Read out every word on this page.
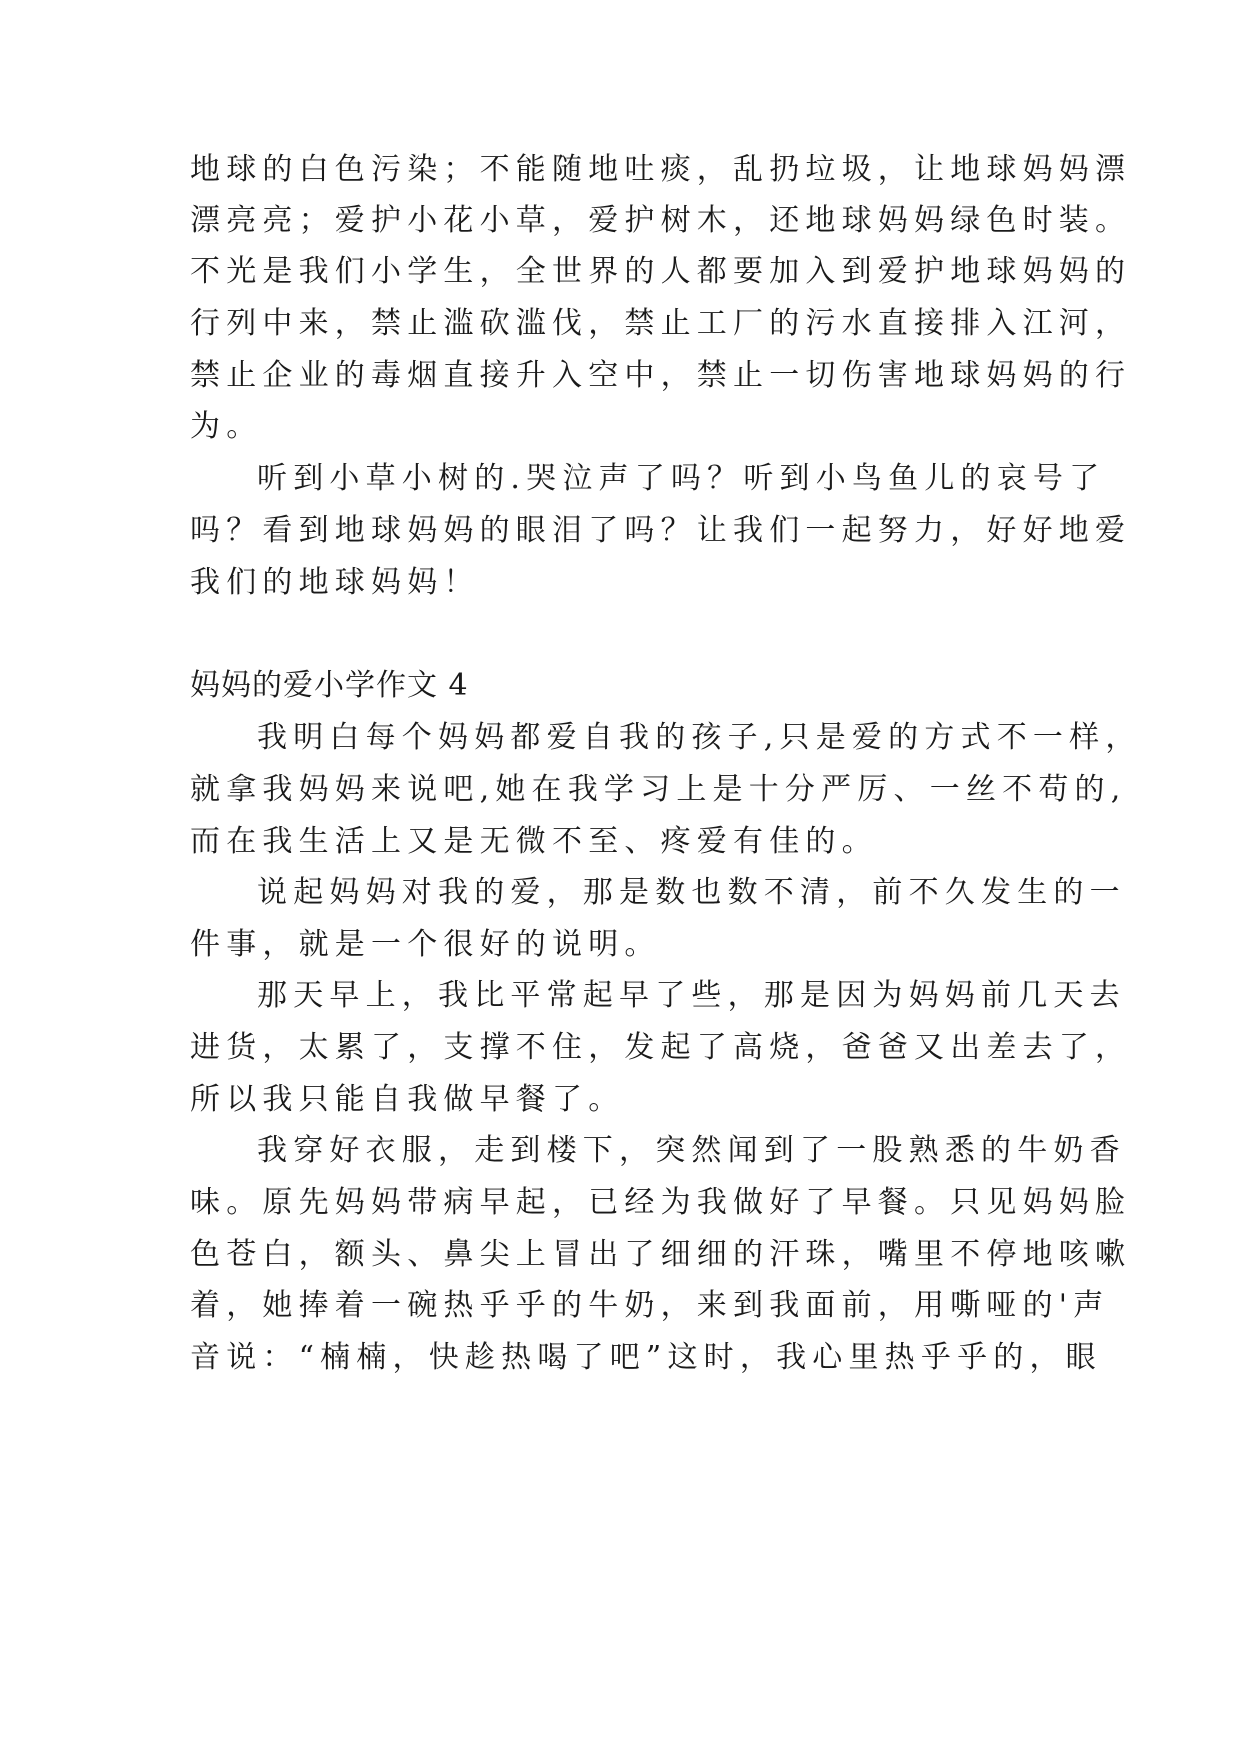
地球的白色污染；不能随地吐痰，乱扔垃圾，让地球妈妈漂
漂亮亮；爱护小花小草，爱护树木，还地球妈妈绿色时装。
不光是我们小学生，全世界的人都要加入到爱护地球妈妈的
行列中来，禁止滥砍滥伐，禁止工厂的污水直接排入江河，
禁止企业的毒烟直接升入空中，禁止一切伤害地球妈妈的行
为。
听到小草小树的.哭泣声了吗？听到小鸟鱼儿的哀号了
吗？看到地球妈妈的眼泪了吗？让我们一起努力，好好地爱
我们的地球妈妈！
妈妈的爱小学作文 4
我明白每个妈妈都爱自我的孩子,只是爱的方式不一样，
就拿我妈妈来说吧,她在我学习上是十分严厉、一丝不苟的,
而在我生活上又是无微不至、疼爱有佳的。
说起妈妈对我的爱，那是数也数不清，前不久发生的一
件事，就是一个很好的说明。
那天早上，我比平常起早了些，那是因为妈妈前几天去
进货，太累了，支撑不住，发起了高烧，爸爸又出差去了，
所以我只能自我做早餐了。
我穿好衣服，走到楼下，突然闻到了一股熟悉的牛奶香
味。原先妈妈带病早起，已经为我做好了早餐。只见妈妈脸
色苍白，额头、鼻尖上冒出了细细的汗珠，嘴里不停地咳嗽
着，她捧着一碗热乎乎的牛奶，来到我面前，用嘶哑的'声
音说：“楠楠，快趁热喝了吧”这时，我心里热乎乎的，眼
